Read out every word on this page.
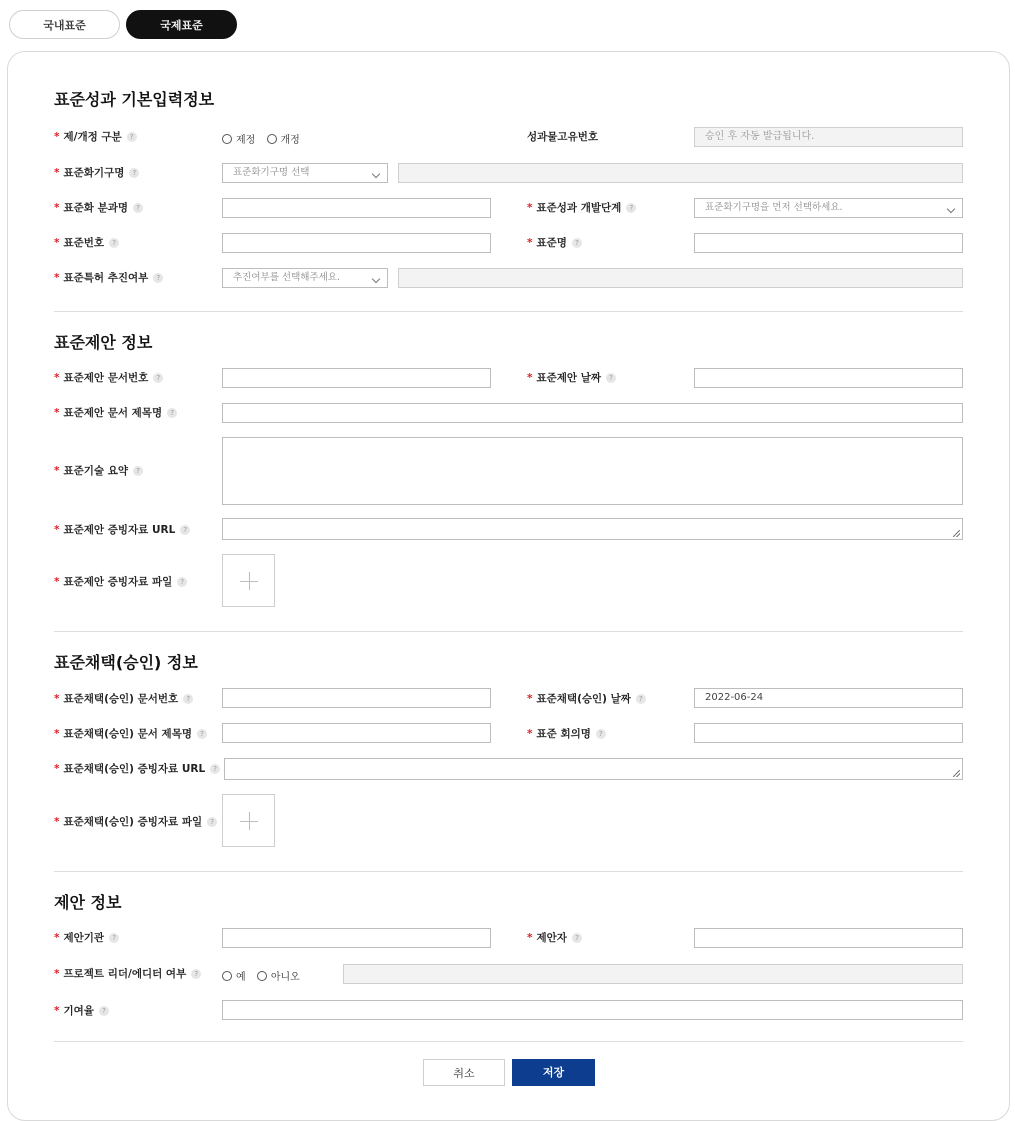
국내표준	국제표준
표준성과 기본입력정보
* 제/개정 구분 ?	제정	개정	성과물고유번호	승인 후 자동 발급됩니다.
* 표준화기구명 ?	표준화기구명 선택
* 표준화 분과명 ?	* 표준성과 개발단계 ?	표준화기구명을 먼저 선택하세요.
* 표준번호 ?	* 표준명 ?
* 표준특허 추진여부 ?	추진여부를 선택해주세요.
표준제안 정보
* 표준제안 문서번호 ?	* 표준제안 날짜 ?
* 표준제안 문서 제목명 ?
* 표준기술 요약 ?
* 표준제안 증빙자료 URL ?
* 표준제안 증빙자료 파일 ?
표준채택(승인) 정보
* 표준채택(승인) 문서번호 ?	* 표준채택(승인) 날짜 ?	2022-06-24
* 표준채택(승인) 문서 제목명 ?	* 표준 회의명 ?
* 표준채택(승인) 증빙자료 URL ?
* 표준채택(승인) 증빙자료 파일 ?
제안 정보
* 제안기관 ?	* 제안자 ?
* 프로젝트 리더/에디터 여부 ?	예	아니오
* 기여율 ?
취소	저장
